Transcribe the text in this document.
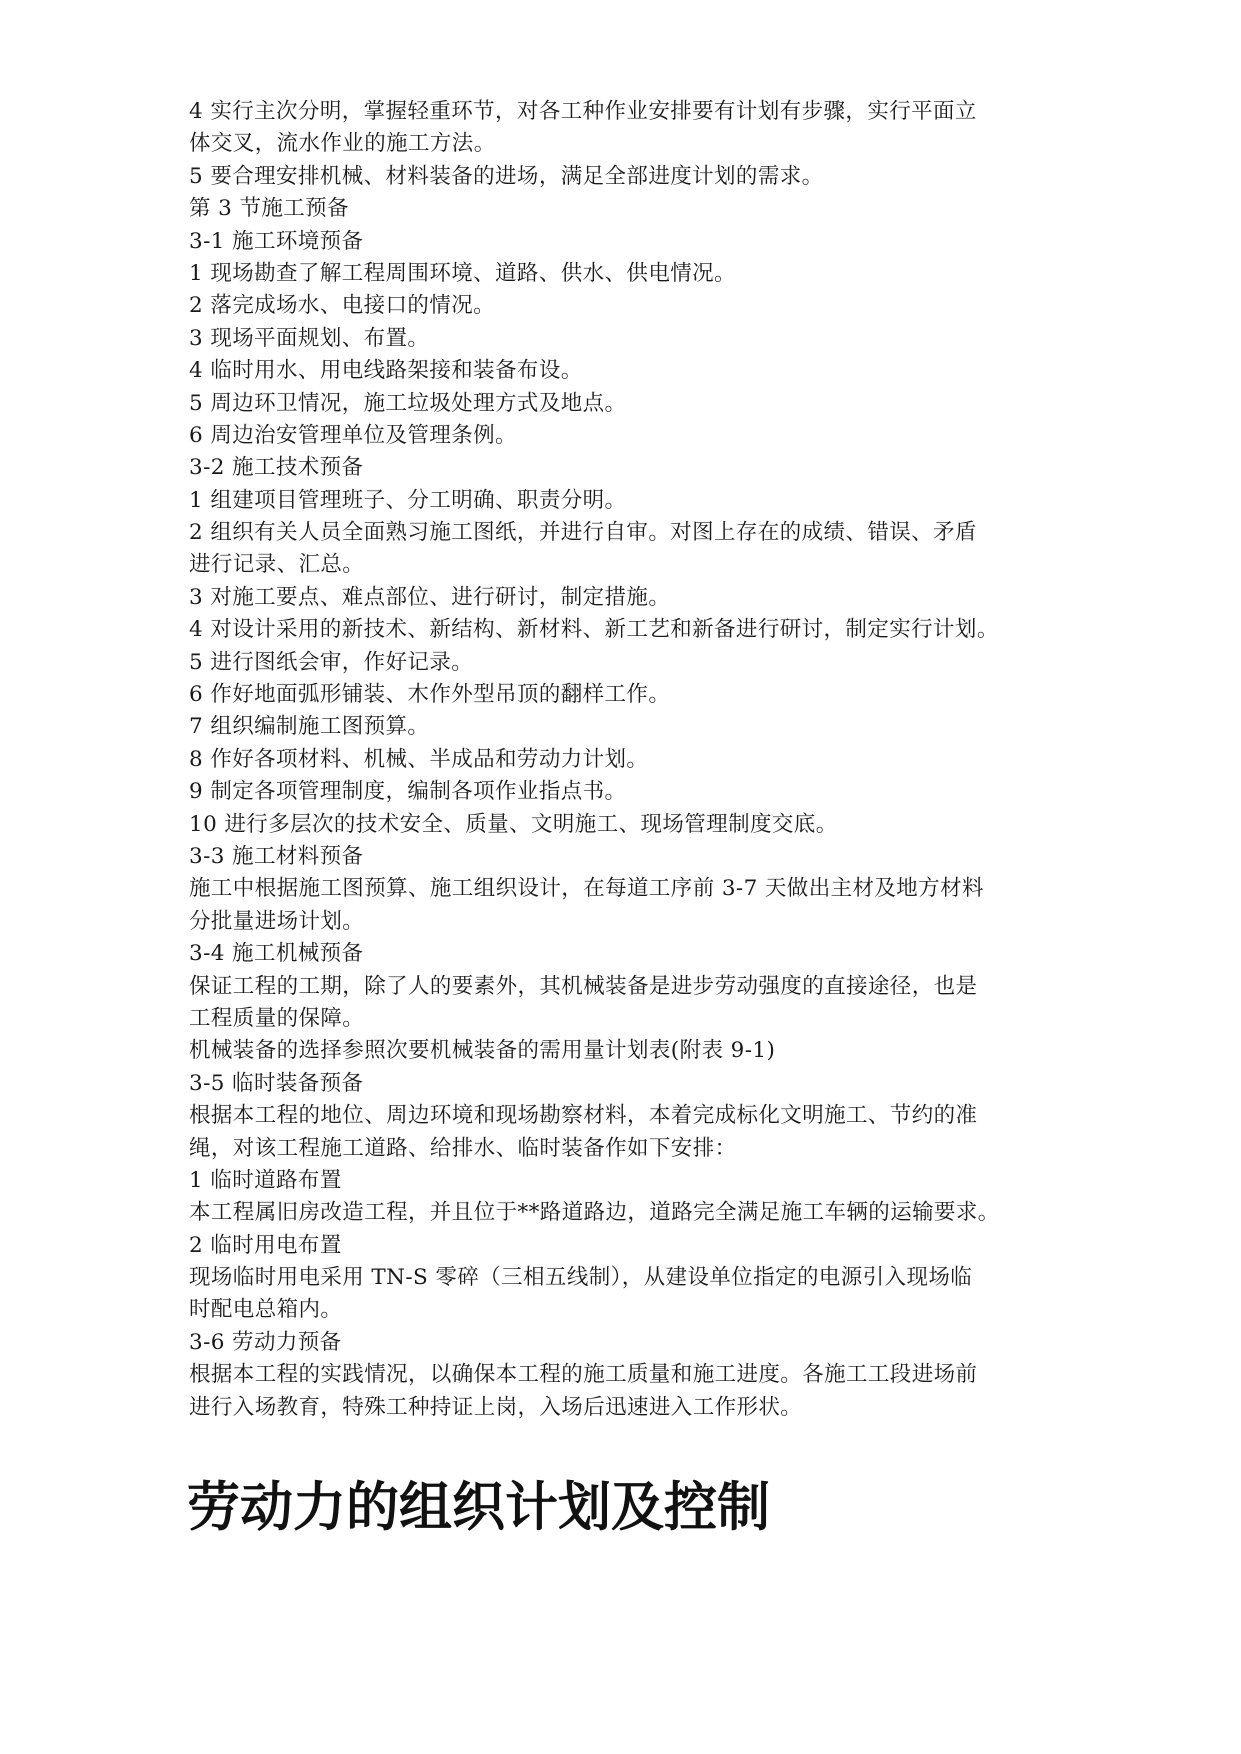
4 实行主次分明，掌握轻重环节，对各工种作业安排要有计划有步骤，实行平面立
体交叉，流水作业的施工方法。
5 要合理安排机械、材料装备的进场，满足全部进度计划的需求。
第 3 节施工预备
3-1 施工环境预备
1 现场勘查了解工程周围环境、道路、供水、供电情况。
2 落完成场水、电接口的情况。
3 现场平面规划、布置。
4 临时用水、用电线路架接和装备布设。
5 周边环卫情况，施工垃圾处理方式及地点。
6 周边治安管理单位及管理条例。
3-2 施工技术预备
1 组建项目管理班子、分工明确、职责分明。
2 组织有关人员全面熟习施工图纸，并进行自审。对图上存在的成绩、错误、矛盾
进行记录、汇总。
3 对施工要点、难点部位、进行研讨，制定措施。
4 对设计采用的新技术、新结构、新材料、新工艺和新备进行研讨，制定实行计划。
5 进行图纸会审，作好记录。
6 作好地面弧形铺装、木作外型吊顶的翻样工作。
7 组织编制施工图预算。
8 作好各项材料、机械、半成品和劳动力计划。
9 制定各项管理制度，编制各项作业指点书。
10 进行多层次的技术安全、质量、文明施工、现场管理制度交底。
3-3 施工材料预备
施工中根据施工图预算、施工组织设计，在每道工序前 3-7 天做出主材及地方材料
分批量进场计划。
3-4 施工机械预备
保证工程的工期，除了人的要素外，其机械装备是进步劳动强度的直接途径，也是
工程质量的保障。
机械装备的选择参照次要机械装备的需用量计划表(附表 9-1)
3-5 临时装备预备
根据本工程的地位、周边环境和现场勘察材料，本着完成标化文明施工、节约的准
绳，对该工程施工道路、给排水、临时装备作如下安排：
1 临时道路布置
本工程属旧房改造工程，并且位于**路道路边，道路完全满足施工车辆的运输要求。
2 临时用电布置
现场临时用电采用 TN-S 零碎（三相五线制），从建设单位指定的电源引入现场临
时配电总箱内。
3-6 劳动力预备
根据本工程的实践情况，以确保本工程的施工质量和施工进度。各施工工段进场前
进行入场教育，特殊工种持证上岗，入场后迅速进入工作形状。
劳动力的组织计划及控制
